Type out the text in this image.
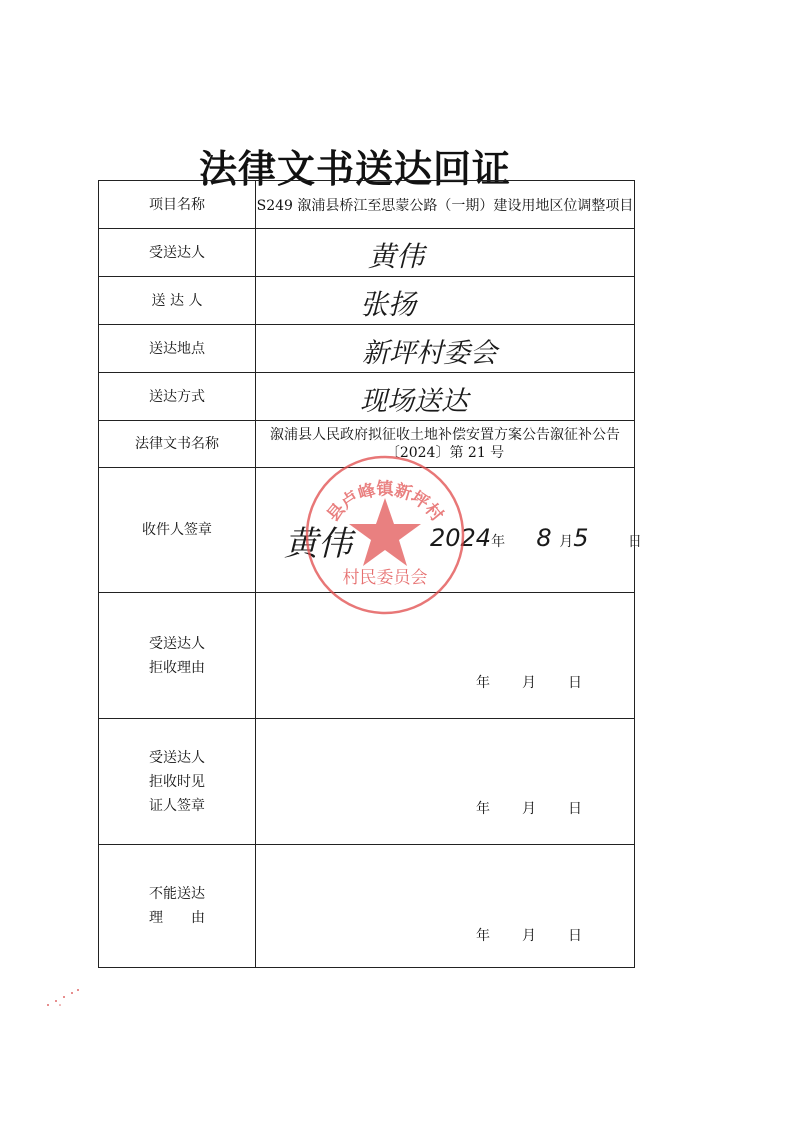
法律文书送达回证
项目名称	S249 溆浦县桥江至思蒙公路（一期）建设用地区位调整项目
受送达人	黄伟

送 达 人	张扬

送达地点	新坪村委会

送达方式	现场送达

法律文书名称	溆浦县人民政府拟征收土地补偿安置方案公告溆征补公告
〔2024〕第 21 号

收件人签章	黄伟 2024年 8 月5 日

受送达人
拒收理由	年 月 日

受送达人
拒收时见
证人签章	年 月 日

不能送达
理　　由	年 月 日
县卢峰镇新坪村
村民委员会
